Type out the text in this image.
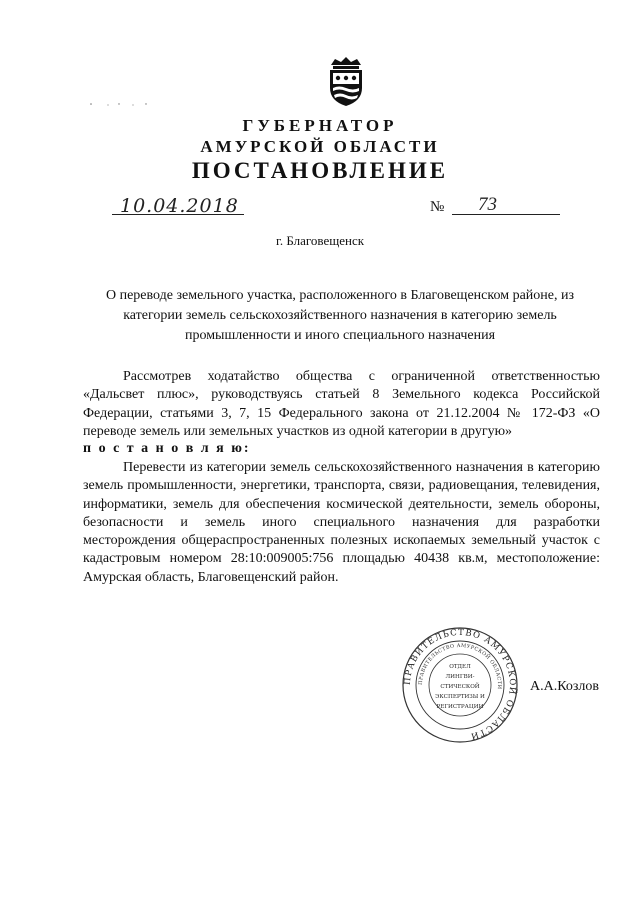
ГУБЕРНАТОР
АМУРСКОЙ ОБЛАСТИ
ПОСТАНОВЛЕНИЕ
10.04.2018	№ 73
г. Благовещенск
О переводе земельного участка, расположенного в Благовещенском районе, из категории земель сельскохозяйственного назначения в категорию земель промышленности и иного специального назначения
Рассмотрев ходатайство общества с ограниченной ответственностью «Дальсвет плюс», руководствуясь статьей 8 Земельного кодекса Российской Федерации, статьями 3, 7, 15 Федерального закона от 21.12.2004 № 172-ФЗ «О переводе земель или земельных участков из одной категории в другую»
п о с т а н о в л я ю:
Перевести из категории земель сельскохозяйственного назначения в категорию земель промышленности, энергетики, транспорта, связи, радиовещания, телевидения, информатики, земель для обеспечения космической деятельности, земель обороны, безопасности и земель иного специального назначения для разработки месторождения общераспространенных полезных ископаемых земельный участок с кадастровым номером 28:10:009005:756 площадью 40438 кв.м, местоположение: Амурская область, Благовещенский район.
ПРАВИТЕЛЬСТВО АМУРСКОЙ ОБЛАСТИ
ПРАВИТЕЛЬСТВО АМУРСКОЙ ОБЛАСТИ
ОТДЕЛ
ЛИНГВИ-
СТИЧЕСКОЙ
ЭКСПЕРТИЗЫ И
РЕГИСТРАЦИИ
А.А.Козлов
